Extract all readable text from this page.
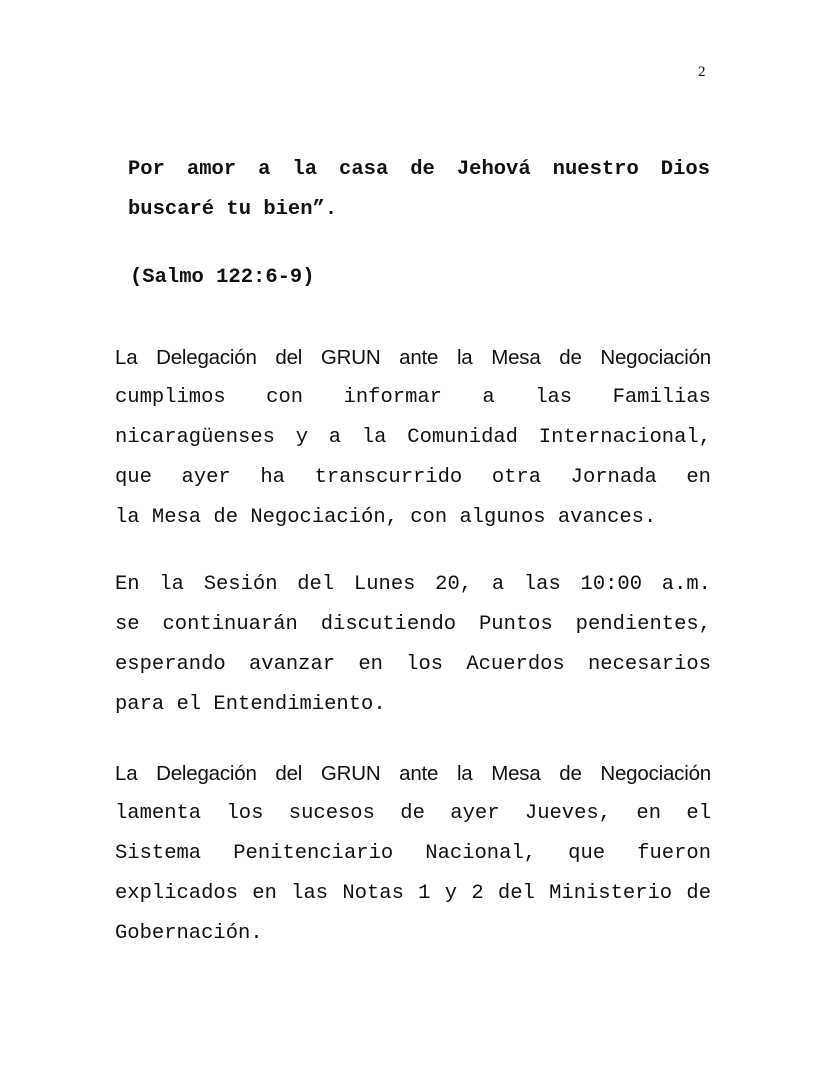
2
Por amor a la casa de Jehová nuestro Dios
buscaré tu bien”.
(Salmo 122:6-9)
La Delegación del GRUN ante la Mesa de Negociación
cumplimos con informar a las Familias
nicaragüenses y a la Comunidad Internacional,
que ayer ha transcurrido otra Jornada en
la Mesa de Negociación, con algunos avances.
En la Sesión del Lunes 20, a las 10:00 a.m.
se continuarán discutiendo Puntos pendientes,
esperando avanzar en los Acuerdos necesarios
para el Entendimiento.
La Delegación del GRUN ante la Mesa de Negociación
lamenta los sucesos de ayer Jueves, en el
Sistema Penitenciario Nacional, que fueron
explicados en las Notas 1 y 2 del Ministerio de
Gobernación.
